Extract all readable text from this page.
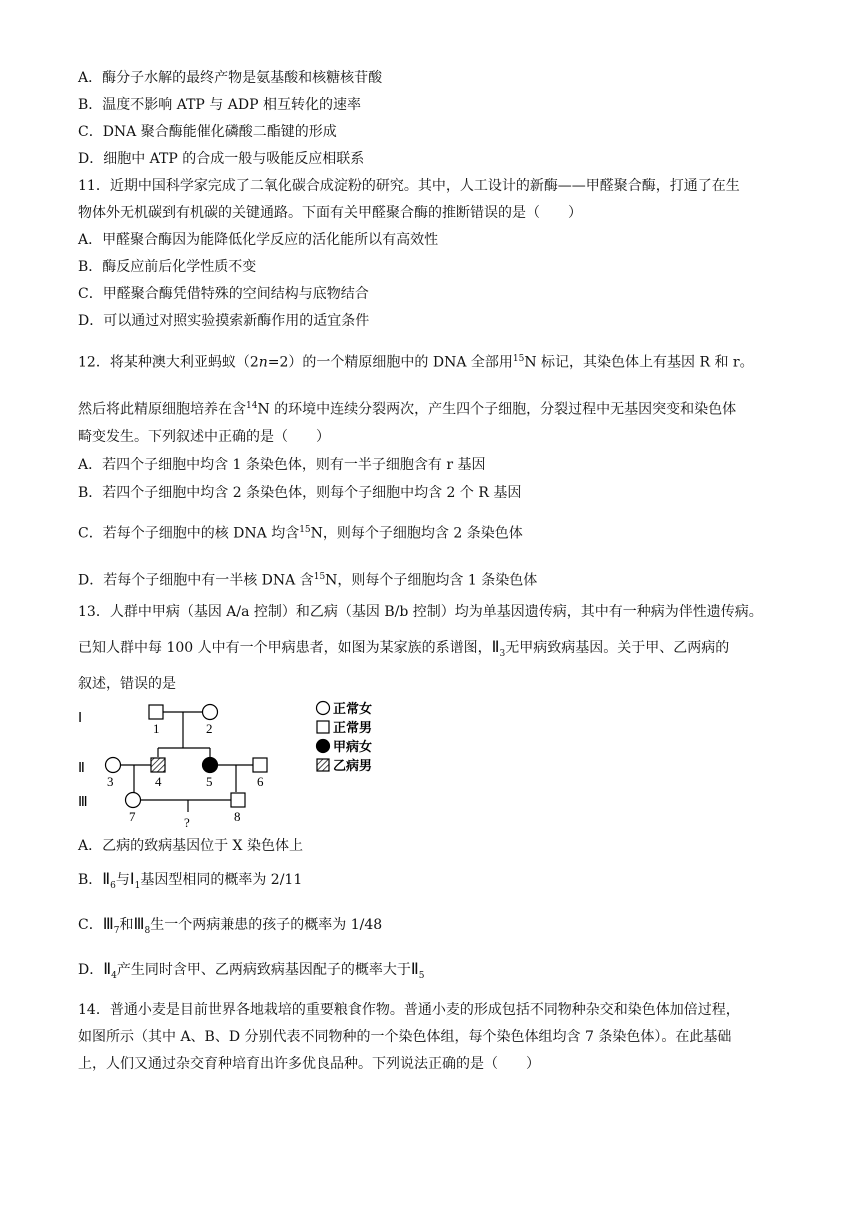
A．酶分子水解的最终产物是氨基酸和核糖核苷酸
B．温度不影响 ATP 与 ADP 相互转化的速率
C．DNA 聚合酶能催化磷酸二酯键的形成
D．细胞中 ATP 的合成一般与吸能反应相联系
11．近期中国科学家完成了二氧化碳合成淀粉的研究。其中，人工设计的新酶——甲醛聚合酶，打通了在生
物体外无机碳到有机碳的关键通路。下面有关甲醛聚合酶的推断错误的是（　　）
A．甲醛聚合酶因为能降低化学反应的活化能所以有高效性
B．酶反应前后化学性质不变
C．甲醛聚合酶凭借特殊的空间结构与底物结合
D．可以通过对照实验摸索新酶作用的适宜条件
12．将某种澳大利亚蚂蚁（2n=2）的一个精原细胞中的 DNA 全部用$^{15}$N 标记，其染色体上有基因 R 和 r。
然后将此精原细胞培养在含$^{14}$N 的环境中连续分裂两次，产生四个子细胞，分裂过程中无基因突变和染色体
畸变发生。下列叙述中正确的是（　　）
A．若四个子细胞中均含 1 条染色体，则有一半子细胞含有 r 基因
B．若四个子细胞中均含 2 条染色体，则每个子细胞中均含 2 个 R 基因
C．若每个子细胞中的核 DNA 均含$^{15}$N，则每个子细胞均含 2 条染色体
D．若每个子细胞中有一半核 DNA 含$^{15}$N，则每个子细胞均含 1 条染色体
13．人群中甲病（基因 A/a 控制）和乙病（基因 B/b 控制）均为单基因遗传病，其中有一种病为伴性遗传病。
已知人群中每 100 人中有一个甲病患者，如图为某家族的系谱图，$Ⅱ_3$无甲病致病基因。关于甲、乙两病的
叙述，错误的是
Ⅰ
Ⅱ
Ⅲ
1	2
3	4	5	6
7	8
?
正常女
正常男
甲病女
乙病男
A．乙病的致病基因位于 X 染色体上
B．$Ⅱ_6$与$Ⅰ_1$基因型相同的概率为 2/11
C．$Ⅲ_7$和$Ⅲ_8$生一个两病兼患的孩子的概率为 1/48
D．$Ⅱ_4$产生同时含甲、乙两病致病基因配子的概率大于$Ⅱ_5$
14．普通小麦是目前世界各地栽培的重要粮食作物。普通小麦的形成包括不同物种杂交和染色体加倍过程，
如图所示（其中 A、B、D 分别代表不同物种的一个染色体组，每个染色体组均含 7 条染色体）。在此基础
上，人们又通过杂交育种培育出许多优良品种。下列说法正确的是（　　）
